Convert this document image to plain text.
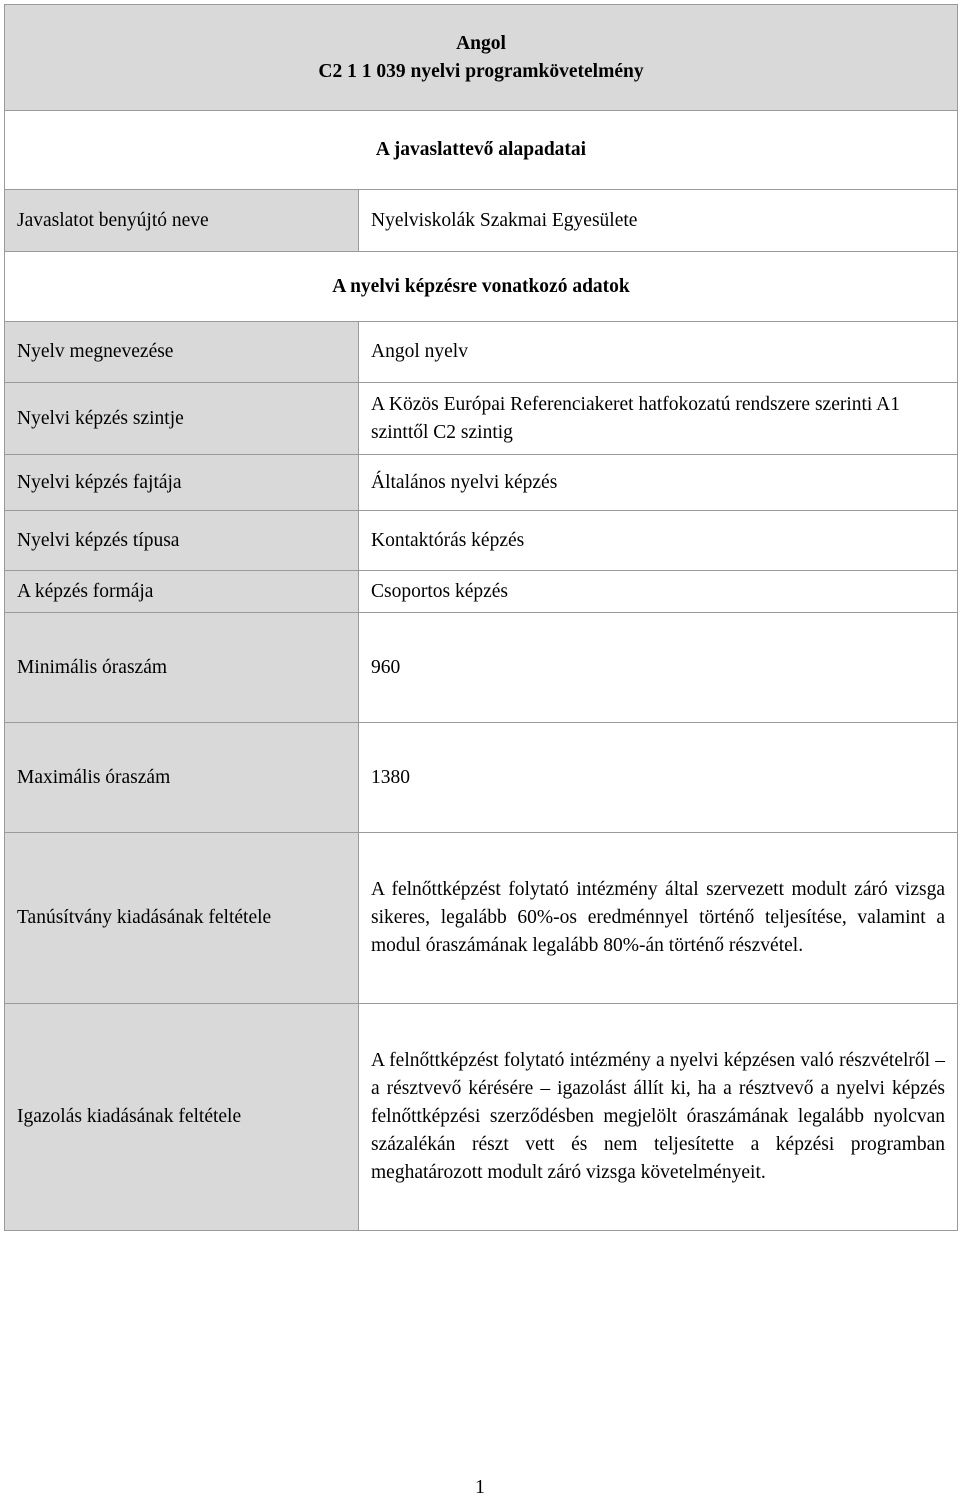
Angol
C2 1 1 039 nyelvi programkövetelmény	

A javaslattevő alapadatai	
Javaslatot benyújtó neve	Nyelviskolák Szakmai Egyesülete
A nyelvi képzésre vonatkozó adatok	
Nyelv megnevezése	Angol nyelv
Nyelvi képzés szintje	A Közös Európai Referenciakeret hatfokozatú rendszere szerinti A1 szinttől C2 szintig
Nyelvi képzés fajtája	Általános nyelvi képzés
Nyelvi képzés típusa	Kontaktórás képzés
A képzés formája	Csoportos képzés
Minimális óraszám	960
Maximális óraszám	1380
Tanúsítvány kiadásának feltétele	A felnőttképzést folytató intézmény által szervezett modult záró vizsga sikeres, legalább 60%-os eredménnyel történő teljesítése, valamint a modul óraszámának legalább 80%-án történő részvétel.
Igazolás kiadásának feltétele	A felnőttképzést folytató intézmény a nyelvi képzésen való részvételről – a résztvevő kérésére – igazolást állít ki, ha a résztvevő a nyelvi képzés felnőttképzési szerződésben megjelölt óraszámának legalább nyolcvan százalékán részt vett és nem teljesítette a képzési programban meghatározott modult záró vizsga követelményeit.
1
